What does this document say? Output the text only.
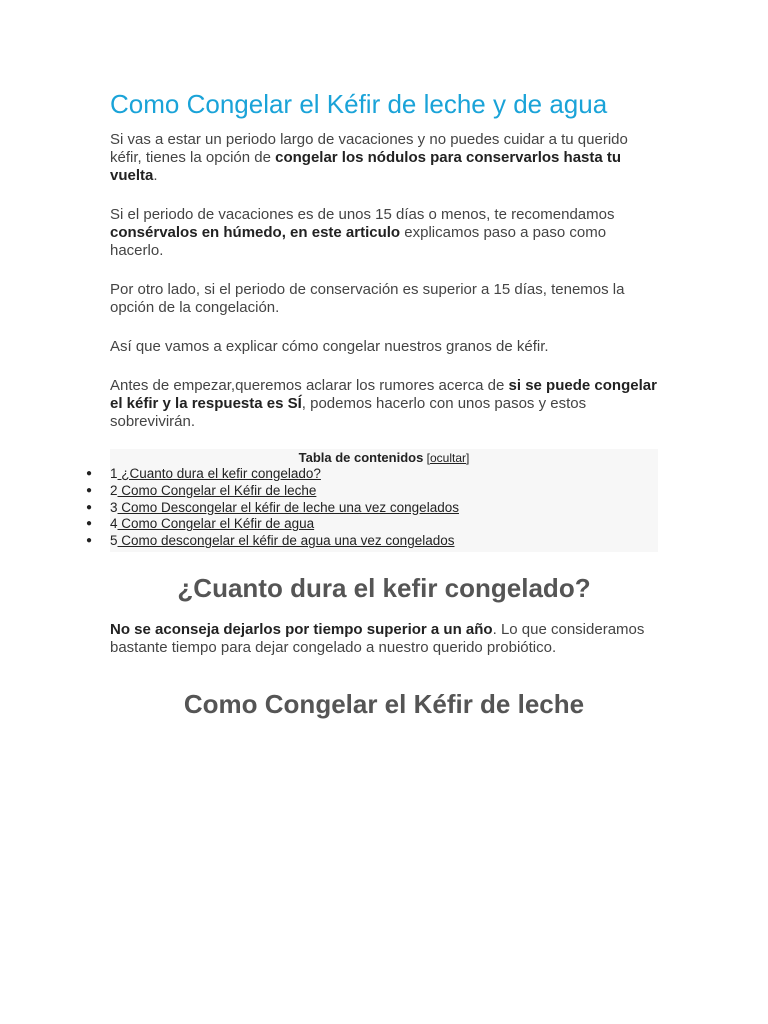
Como Congelar el Kéfir de leche y de agua

Si vas a estar un periodo largo de vacaciones y no puedes cuidar a tu querido kéfir, tienes la opción de congelar los nódulos para conservarlos hasta tu vuelta.

Si el periodo de vacaciones es de unos 15 días o menos, te recomendamos consérvalos en húmedo, en este articulo explicamos paso a paso como hacerlo.

Por otro lado, si el periodo de conservación es superior a 15 días, tenemos la opción de la congelación.

Así que vamos a explicar cómo congelar nuestros granos de kéfir.

Antes de empezar,queremos aclarar los rumores acerca de si se puede congelar el kéfir y la respuesta es SÍ, podemos hacerlo con unos pasos y estos sobrevivirán.

Tabla de contenidos [ocultar]
● 1 ¿Cuanto dura el kefir congelado?
● 2 Como Congelar el Kéfir de leche
● 3 Como Descongelar el kéfir de leche una vez congelados
● 4 Como Congelar el Kéfir de agua
● 5 Como descongelar el kéfir de agua una vez congelados
¿Cuanto dura el kefir congelado?

No se aconseja dejarlos por tiempo superior a un año. Lo que consideramos bastante tiempo para dejar congelado a nuestro querido probiótico.

Como Congelar el Kéfir de leche
